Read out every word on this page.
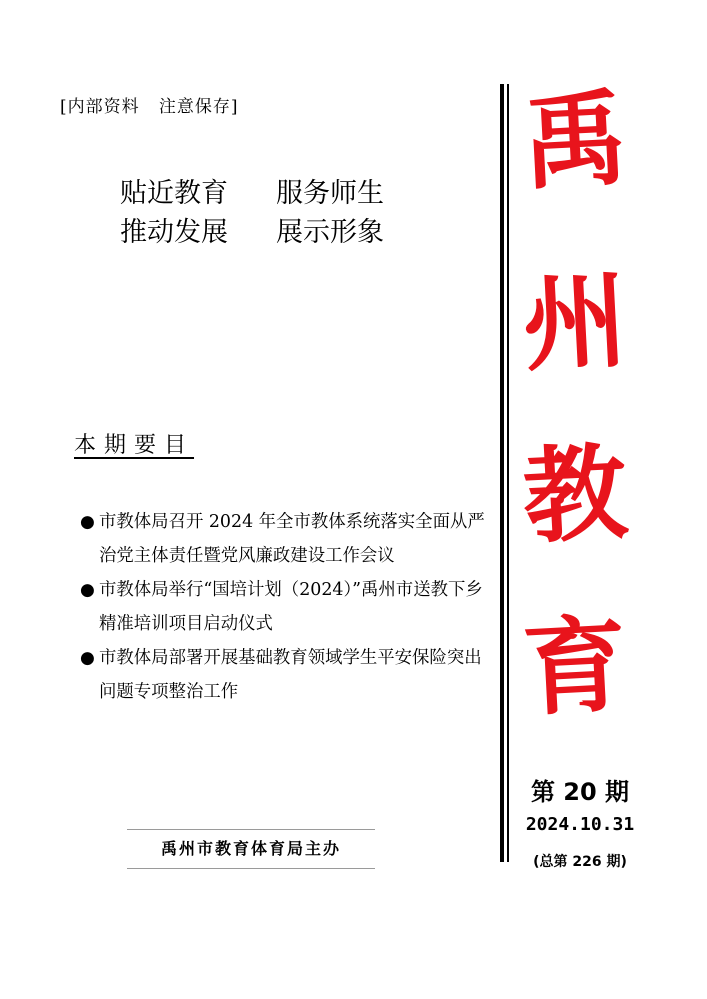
[内部资料   注意保存]
贴近教育 服务师生
推动发展 展示形象
本期要目
● 市教体局召开 2024 年全市教体系统落实全面从严治党主体责任暨党风廉政建设工作会议
● 市教体局举行“国培计划（2024）”禹州市送教下乡精准培训项目启动仪式
● 市教体局部署开展基础教育领域学生平安保险突出问题专项整治工作
禹州市教育体育局主办
禹
州
教
育
第 20 期
2024.10.31
(总第 226 期)
